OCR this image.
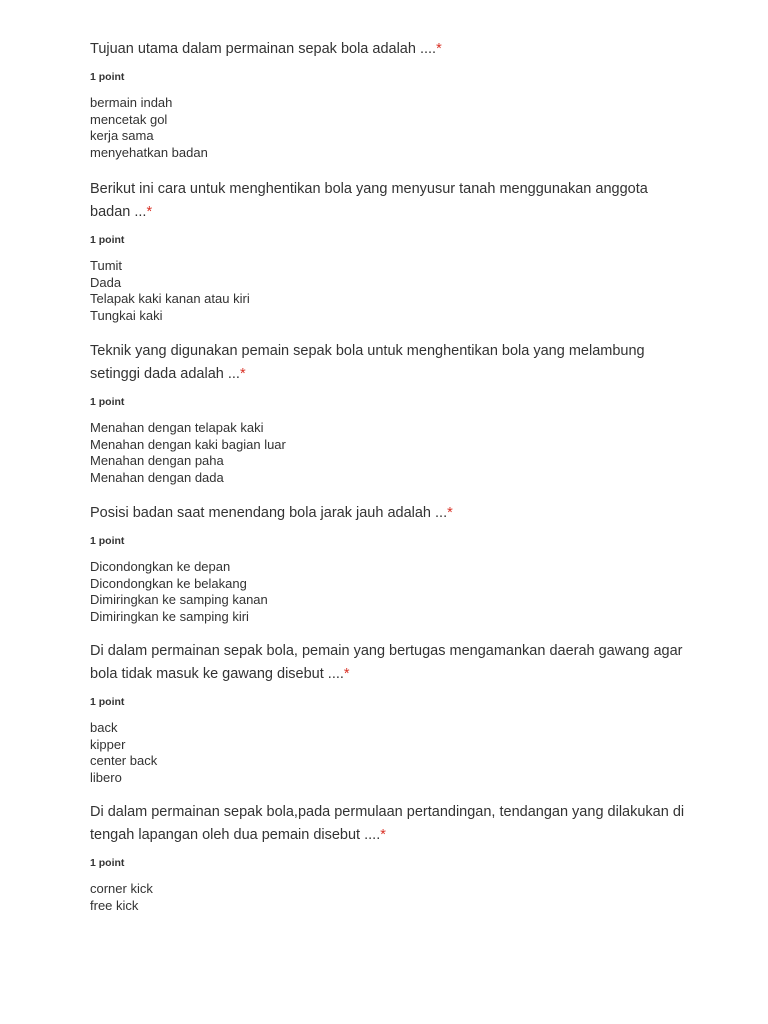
Tujuan utama dalam permainan sepak bola adalah ....*

1 point

bermain indah
mencetak gol
kerja sama
menyehatkan badan

Berikut ini cara untuk menghentikan bola yang menyusur tanah menggunakan anggota badan ...*

1 point

Tumit
Dada
Telapak kaki kanan atau kiri
Tungkai kaki

Teknik yang digunakan pemain sepak bola untuk menghentikan bola yang melambung setinggi dada adalah ...*

1 point

Menahan dengan telapak kaki
Menahan dengan kaki bagian luar
Menahan dengan paha
Menahan dengan dada

Posisi badan saat menendang bola jarak jauh adalah ...*

1 point

Dicondongkan ke depan
Dicondongkan ke belakang
Dimiringkan ke samping kanan
Dimiringkan ke samping kiri

Di dalam permainan sepak bola, pemain yang bertugas mengamankan daerah gawang agar bola tidak masuk ke gawang disebut ....*

1 point

back
kipper
center back
libero

Di dalam permainan sepak bola,pada permulaan pertandingan, tendangan yang dilakukan di tengah lapangan oleh dua pemain disebut ....*

1 point

corner kick
free kick
